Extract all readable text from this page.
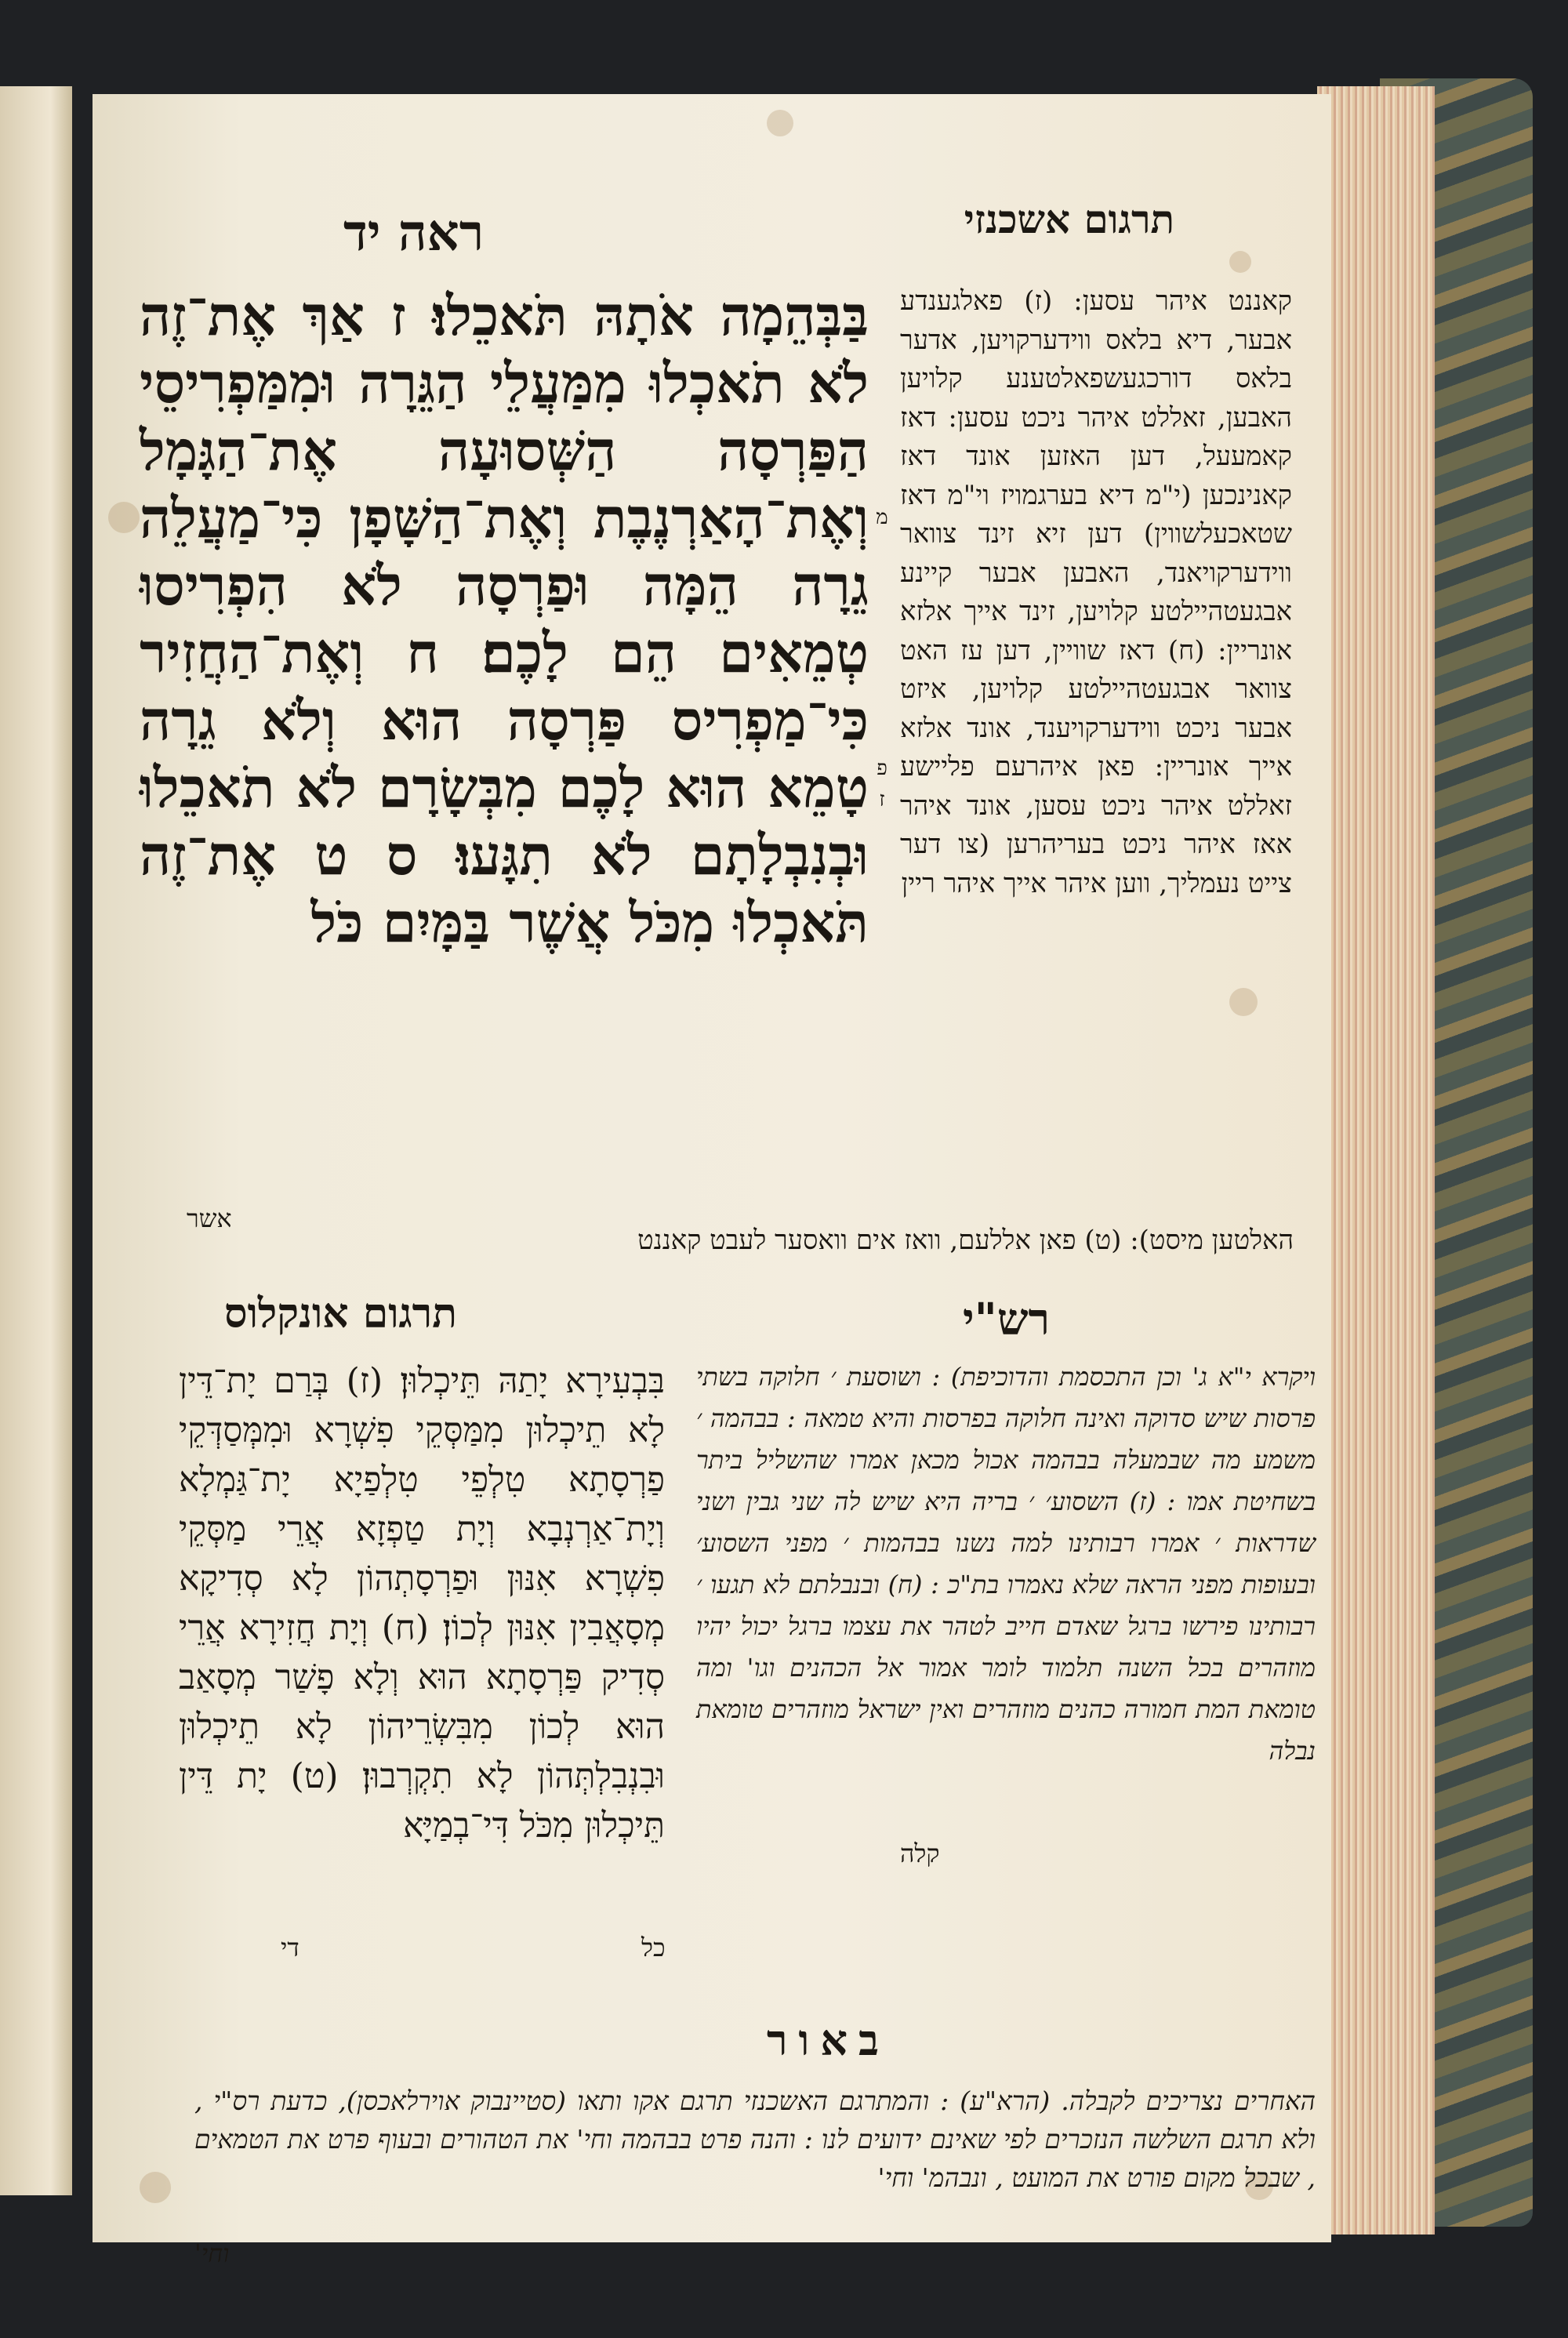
תרגום אשכנזי
ראה יד
בַּבְּהֵמָה אֹתָהּ תֹּאכֵלוּ׃ ז אַךְ אֶת־זֶה לֹא תֹאכְלוּ מִמַּעֲלֵי הַגֵּרָה וּמִמַּפְרִיסֵי הַפַּרְסָה הַשְּׁסוּעָה אֶת־הַגָּמָל וְאֶת־הָאַרְנֶבֶת וְאֶת־הַשָּׁפָן כִּי־מַעֲלֵה גֵרָה הֵמָּה וּפַרְסָה לֹא הִפְרִיסוּ טְמֵאִים הֵם לָכֶם׃ ח וְאֶת־הַחֲזִיר כִּי־מַפְרִיס פַּרְסָה הוּא וְלֹא גֵרָה טָמֵא הוּא לָכֶם מִבְּשָׂרָם לֹא תֹאכֵלוּ וּבְנִבְלָתָם לֹא תִגָּעוּ׃ ס ט אֶת־זֶה תֹּאכְלוּ מִכֹּל אֲשֶׁר בַּמָּיִם כֹּל
אשר
מ
פ
ז
קאננט איהר עסען: (ז) פאלגענדע אבער, דיא בלאס ווידערקויען, אדער בלאס דורכגעשפאלטענע קלויען האבען, זאללט איהר ניכט עסען: דאז קאמעעל, דען האזען אונד דאז קאנינכען (י"מ דיא בערגמויז וי"מ דאז שטאכעלשווין) דען זיא זינד צוואר ווידערקויאנד, האבען אבער קיינע אבגעטהיילטע קלויען, זינד אייך אלזא אונריין: (ח) דאז שוויין, דען עז האט צוואר אבגעטהיילטע קלויען, איזט אבער ניכט ווידערקויענד, אונד אלזא אייך אונריין: פאן איהרעם פליישע זאללט איהר ניכט עסען, אונד איהר אאז איהר ניכט בעריהרען (צו דער צייט נעמליך, ווען איהר אייך איהר ריין
האלטען מיסט): (ט) פאן אללעם, וואז אים וואסער לעבט קאננט
רש"י
תרגום אונקלוס
ויקרא י"א ג' וכן התכסמת והדוכיפת) : ושוסעת ׳ חלוקה בשתי פרסות שיש סדוקה ואינה חלוקה בפרסות והיא טמאה : בבהמה ׳ משמע מה שבמעלה בבהמה אכול מכאן אמרו שהשליל ביתר בשחיטת אמו : (ז) השסוע׳ ׳ בריה היא שיש לה שני גבין ושני שדראות ׳ אמרו רבותינו למה נשנו בבהמות ׳ מפני השסוע׳ ובעופות מפני הראה שלא נאמרו בת"כ : (ח) ובנבלתם לא תגעו ׳ רבותינו פירשו ברגל שאדם חייב לטהר את עצמו ברגל יכול יהיו מוזהרים בכל השנה תלמוד לומר אמור אל הכהנים וגו' ומה טומאת המת חמורה כהנים מוזהרים ואין ישראל מוזהרים טומאת נבלה
קלה
בִּבְעִירָא יָתַהּ תֵּיכְלוּן׃ (ז) בְּרַם יָת־דֵּין לָא תֵיכְלוּן מִמַּסְּקֵי פִשְׁרָא וּמִמְּסַדְּקֵי פַרְסָתָא טִלְפֵי טִלְפַיָא יָת־גַּמְלָא וְיָת־אַרְנְבָא וְיָת טַפְזָא אֲרֵי מַסְּקֵי פִשְׁרָא אִנּוּן וּפַרְסָתְהוֹן לָא סְדִיקָא מְסָאֲבִין אִנּוּן לְכוֹן׃ (ח) וְיָת חֲזִירָא אֲרֵי סְדִיק פַּרְסָתָא הוּא וְלָא פָשַׁר מְסָאַב הוּא לְכוֹן מִבִּשְׂרֵיהוֹן לָא תֵיכְלוּן וּבִנְבִלְתְּהוֹן לָא תִקְרְבוּן׃ (ט) יָת דֵּין תֵּיכְלוּן מִכֹּל דִּי־בְמַיָּא
די	כל
באור
האחרים נצריכים לקבלה. (הרא"ע) : והמתרגם האשכנזי תרגם אקו ותאו (סטיינבוק אוירלאכסן), כדעת רס"י , ולא תרגם השלשה הנזכרים לפי שאינם ידועים לנו : והנה פרט בבהמה וחי' את הטהורים ובעוף פרט את הטמאים , שבכל מקום פורט את המועט , ונבהמ' וחי'
וחי'
